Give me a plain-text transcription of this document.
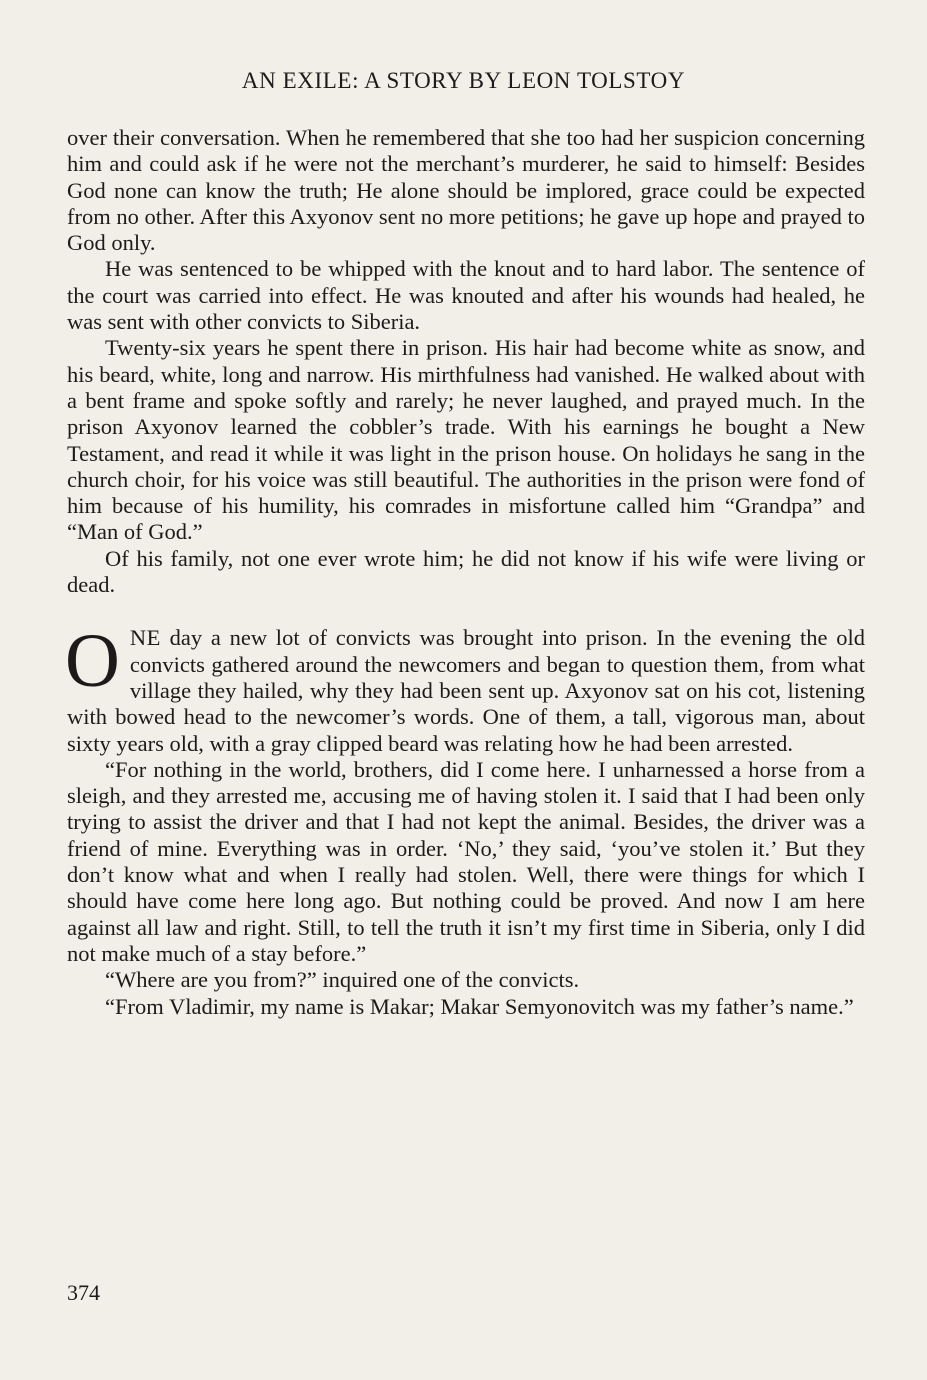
AN EXILE: A STORY BY LEON TOLSTOY

over their conversation. When he remembered that she too had her suspicion concerning him and could ask if he were not the merchant’s murderer, he said to himself: Besides God none can know the truth; He alone should be implored, grace could be expected from no other. After this Axyonov sent no more petitions; he gave up hope and prayed to God only.

He was sentenced to be whipped with the knout and to hard labor. The sentence of the court was carried into effect. He was knouted and after his wounds had healed, he was sent with other convicts to Siberia.

Twenty-six years he spent there in prison. His hair had become white as snow, and his beard, white, long and narrow. His mirthfulness had vanished. He walked about with a bent frame and spoke softly and rarely; he never laughed, and prayed much. In the prison Axyonov learned the cobbler’s trade. With his earnings he bought a New Testament, and read it while it was light in the prison house. On holidays he sang in the church choir, for his voice was still beautiful. The authorities in the prison were fond of him because of his humility, his comrades in misfortune called him “Grandpa” and “Man of God.”

Of his family, not one ever wrote him; he did not know if his wife were living or dead.

ONE day a new lot of convicts was brought into prison. In the evening the old convicts gathered around the newcomers and began to question them, from what village they hailed, why they had been sent up. Axyonov sat on his cot, listening with bowed head to the newcomer’s words. One of them, a tall, vigorous man, about sixty years old, with a gray clipped beard was relating how he had been arrested.

“For nothing in the world, brothers, did I come here. I unharnessed a horse from a sleigh, and they arrested me, accusing me of having stolen it. I said that I had been only trying to assist the driver and that I had not kept the animal. Besides, the driver was a friend of mine. Everything was in order. ‘No,’ they said, ‘you’ve stolen it.’ But they don’t know what and when I really had stolen. Well, there were things for which I should have come here long ago. But nothing could be proved. And now I am here against all law and right. Still, to tell the truth it isn’t my first time in Siberia, only I did not make much of a stay before.”

“Where are you from?” inquired one of the convicts.

“From Vladimir, my name is Makar; Makar Semyonovitch was my father’s name.”

374
